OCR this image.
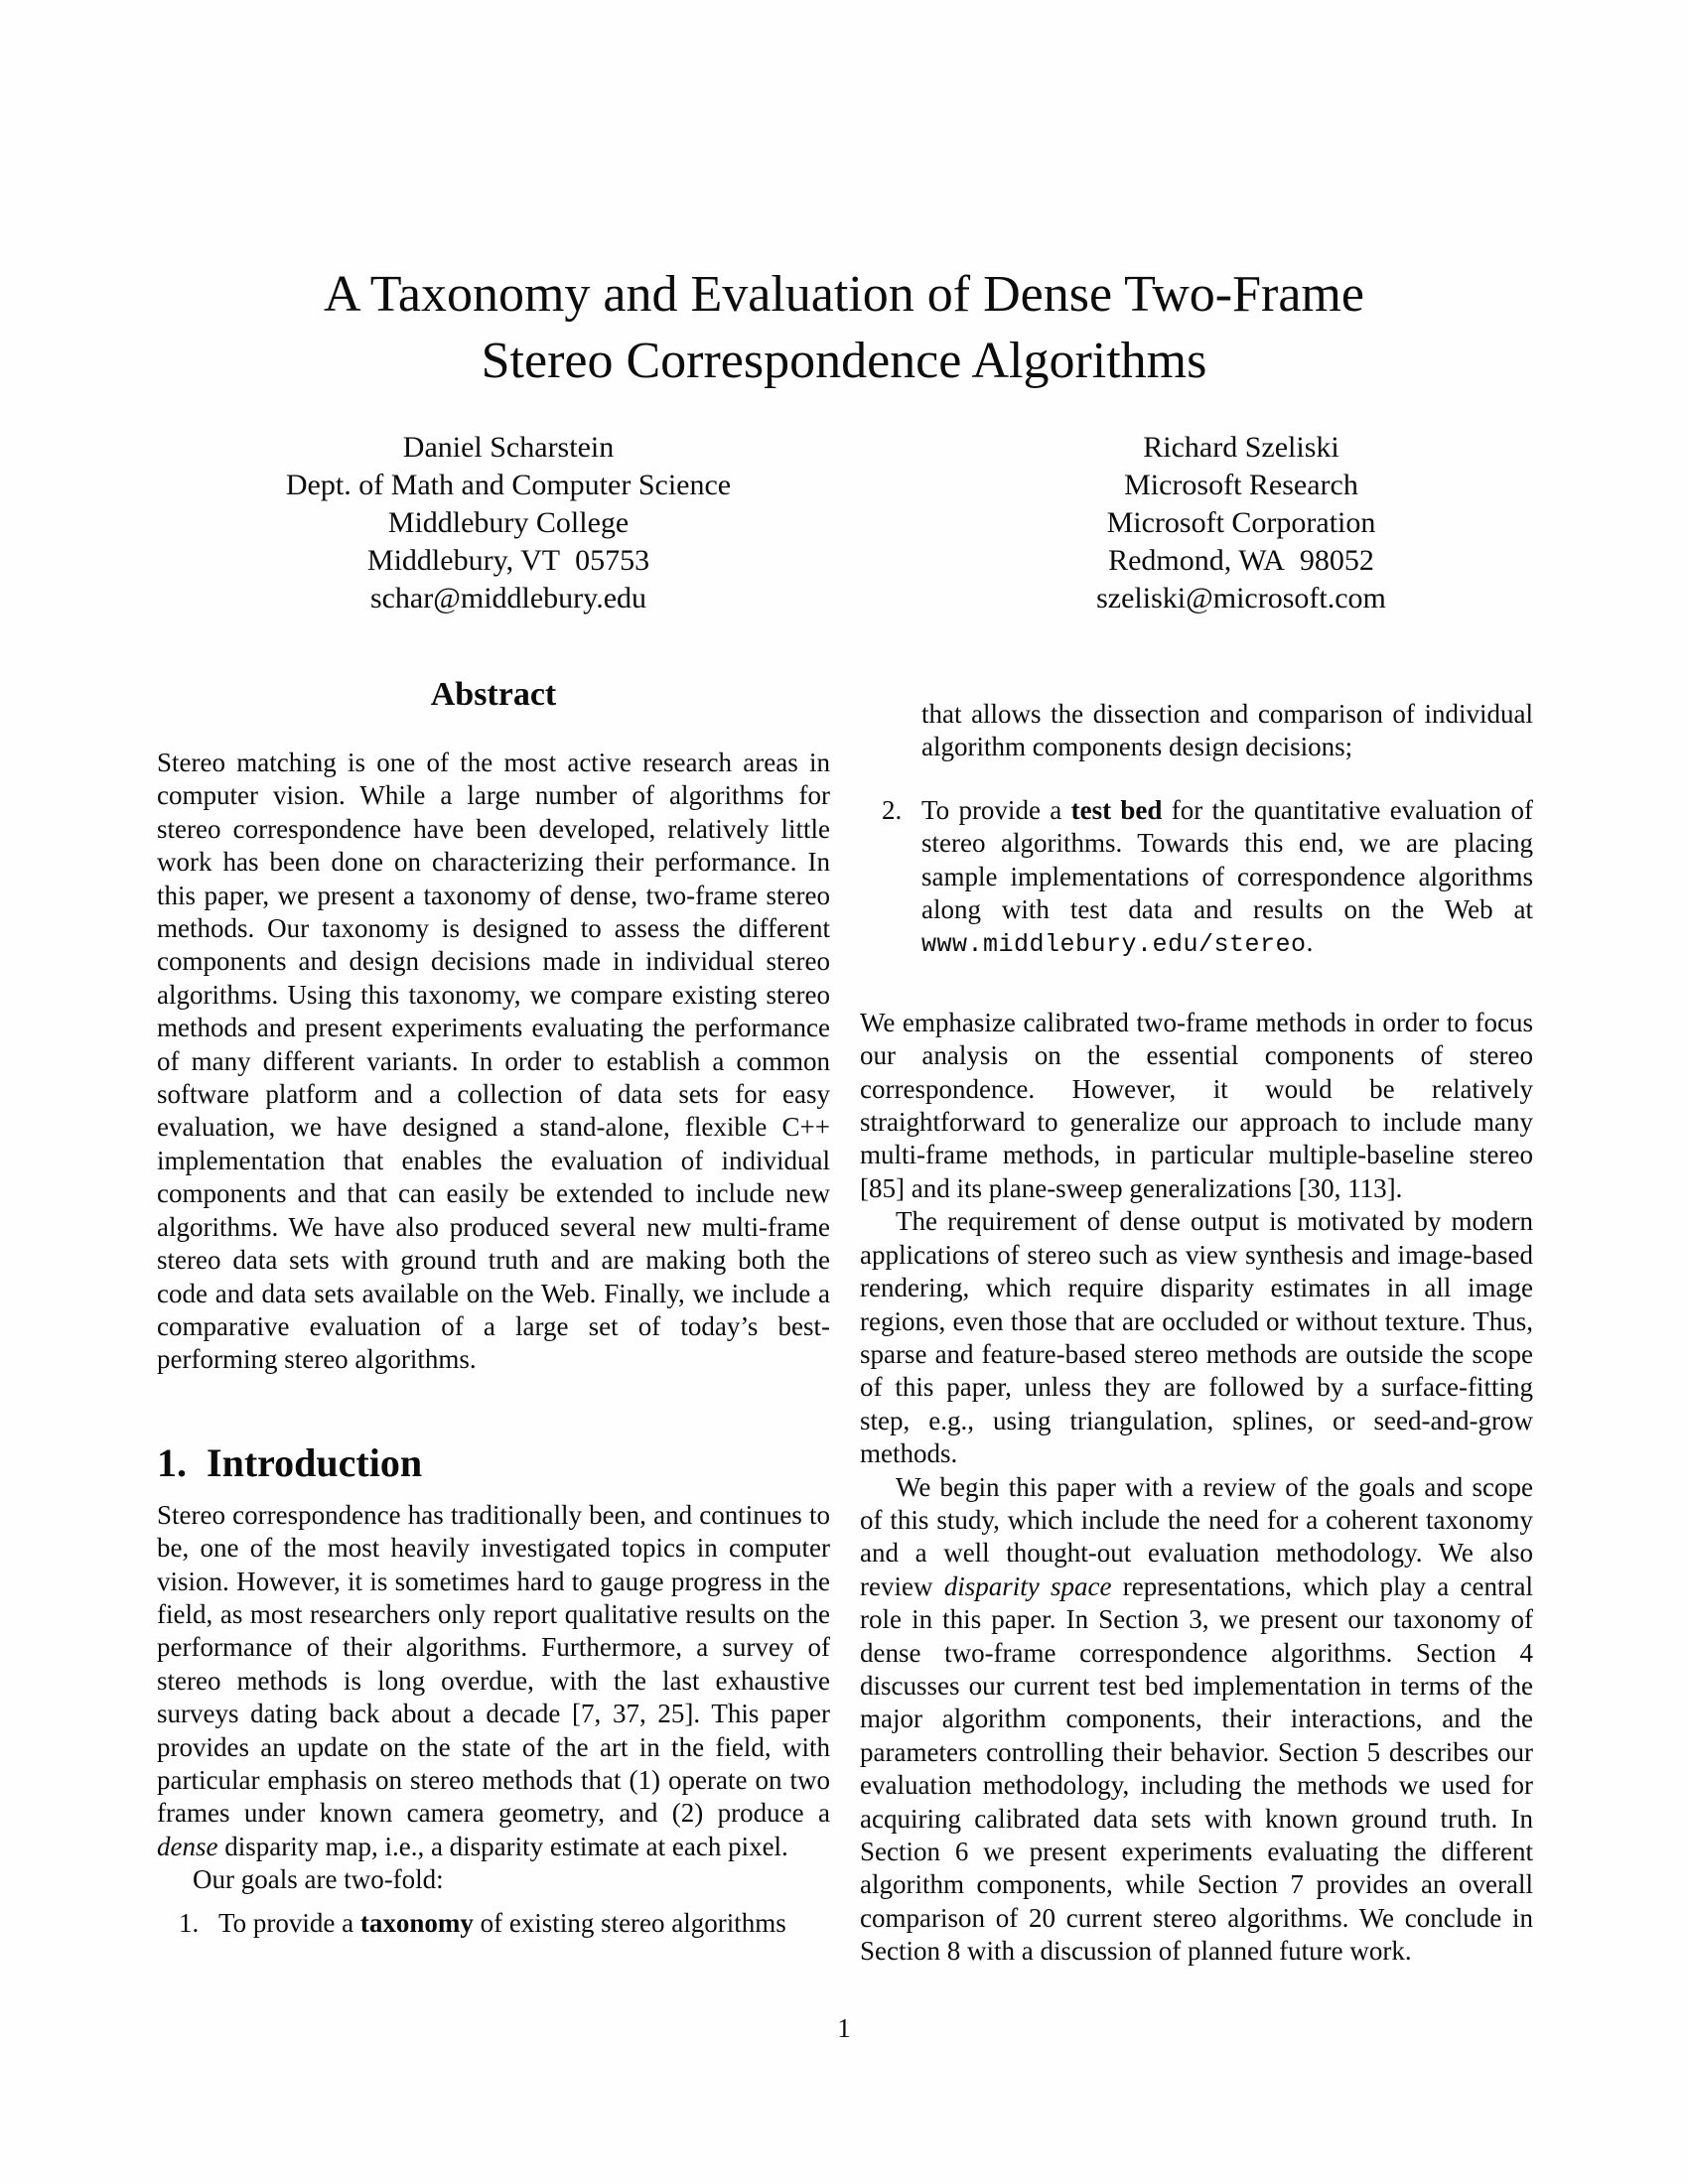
A Taxonomy and Evaluation of Dense Two-Frame
Stereo Correspondence Algorithms
Daniel Scharstein
Dept. of Math and Computer Science
Middlebury College
Middlebury, VT  05753
schar@middlebury.edu
Richard Szeliski
Microsoft Research
Microsoft Corporation
Redmond, WA  98052
szeliski@microsoft.com
Abstract
Stereo matching is one of the most active research areas in computer vision. While a large number of algorithms for stereo correspondence have been developed, relatively little work has been done on characterizing their performance. In this paper, we present a taxonomy of dense, two-frame stereo methods. Our taxonomy is designed to assess the different components and design decisions made in individual stereo algorithms. Using this taxonomy, we compare existing stereo methods and present experiments evaluating the performance of many different variants. In order to establish a common software platform and a collection of data sets for easy evaluation, we have designed a stand-alone, flexible C++ implementation that enables the evaluation of individual components and that can easily be extended to include new algorithms. We have also produced several new multi-frame stereo data sets with ground truth and are making both the code and data sets available on the Web. Finally, we include a comparative evaluation of a large set of today’s best-performing stereo algorithms.
1.  Introduction
Stereo correspondence has traditionally been, and continues to be, one of the most heavily investigated topics in computer vision. However, it is sometimes hard to gauge progress in the field, as most researchers only report qualitative results on the performance of their algorithms. Furthermore, a survey of stereo methods is long overdue, with the last exhaustive surveys dating back about a decade [7, 37, 25]. This paper provides an update on the state of the art in the field, with particular emphasis on stereo methods that (1) operate on two frames under known camera geometry, and (2) produce a dense disparity map, i.e., a disparity estimate at each pixel.
Our goals are two-fold:
1. To provide a taxonomy of existing stereo algorithms
that allows the dissection and comparison of individual algorithm components design decisions;
2. To provide a test bed for the quantitative evaluation of stereo algorithms. Towards this end, we are placing sample implementations of correspondence algorithms along with test data and results on the Web at www.middlebury.edu/stereo.
We emphasize calibrated two-frame methods in order to focus our analysis on the essential components of stereo correspondence. However, it would be relatively straightforward to generalize our approach to include many multi-frame methods, in particular multiple-baseline stereo [85] and its plane-sweep generalizations [30, 113].
The requirement of dense output is motivated by modern applications of stereo such as view synthesis and image-based rendering, which require disparity estimates in all image regions, even those that are occluded or without texture. Thus, sparse and feature-based stereo methods are outside the scope of this paper, unless they are followed by a surface-fitting step, e.g., using triangulation, splines, or seed-and-grow methods.
We begin this paper with a review of the goals and scope of this study, which include the need for a coherent taxonomy and a well thought-out evaluation methodology. We also review disparity space representations, which play a central role in this paper. In Section 3, we present our taxonomy of dense two-frame correspondence algorithms. Section 4 discusses our current test bed implementation in terms of the major algorithm components, their interactions, and the parameters controlling their behavior. Section 5 describes our evaluation methodology, including the methods we used for acquiring calibrated data sets with known ground truth. In Section 6 we present experiments evaluating the different algorithm components, while Section 7 provides an overall comparison of 20 current stereo algorithms. We conclude in Section 8 with a discussion of planned future work.
1
